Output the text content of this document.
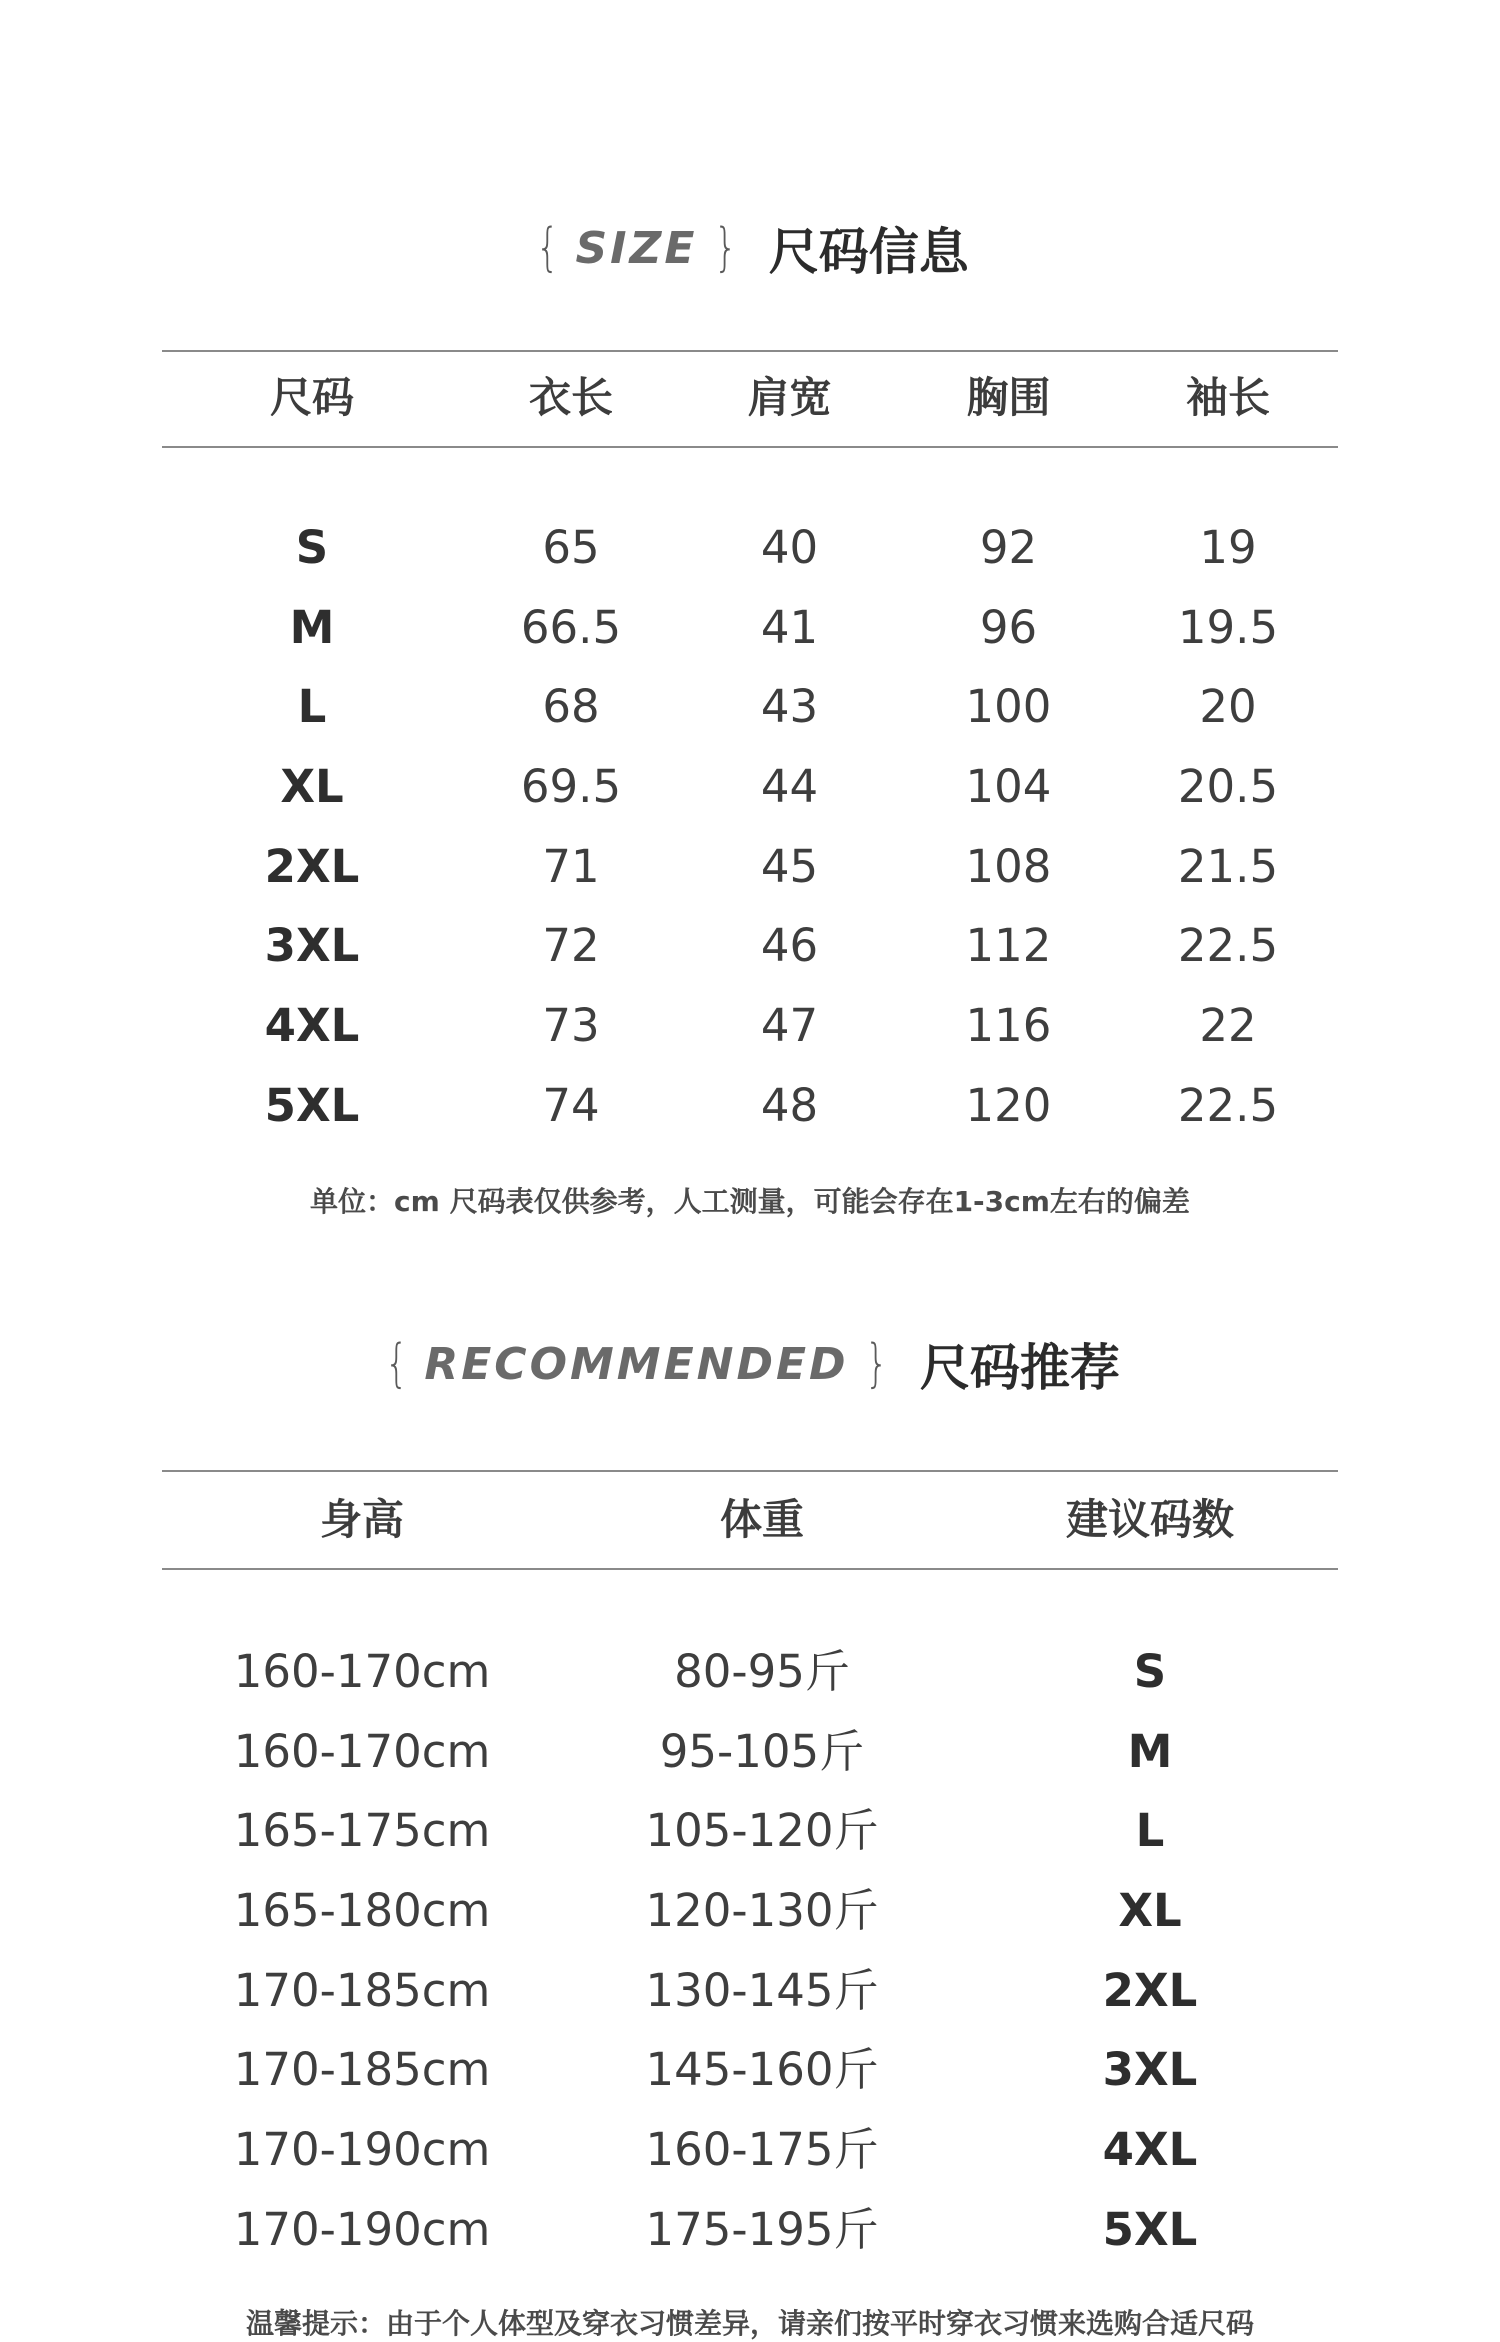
{ SIZE } 尺码信息
尺码	衣长	肩宽	胸围	袖长
S	65	40	92	19
M	66.5	41	96	19.5
L	68	43	100	20
XL	69.5	44	104	20.5
2XL	71	45	108	21.5
3XL	72	46	112	22.5
4XL	73	47	116	22
5XL	74	48	120	22.5
单位：cm 尺码表仅供参考，人工测量，可能会存在1-3cm左右的偏差
{ RECOMMENDED } 尺码推荐
身高	体重	建议码数
160-170cm	80-95斤	S
160-170cm	95-105斤	M
165-175cm	105-120斤	L
165-180cm	120-130斤	XL
170-185cm	130-145斤	2XL
170-185cm	145-160斤	3XL
170-190cm	160-175斤	4XL
170-190cm	175-195斤	5XL
温馨提示：由于个人体型及穿衣习惯差异，请亲们按平时穿衣习惯来选购合适尺码
